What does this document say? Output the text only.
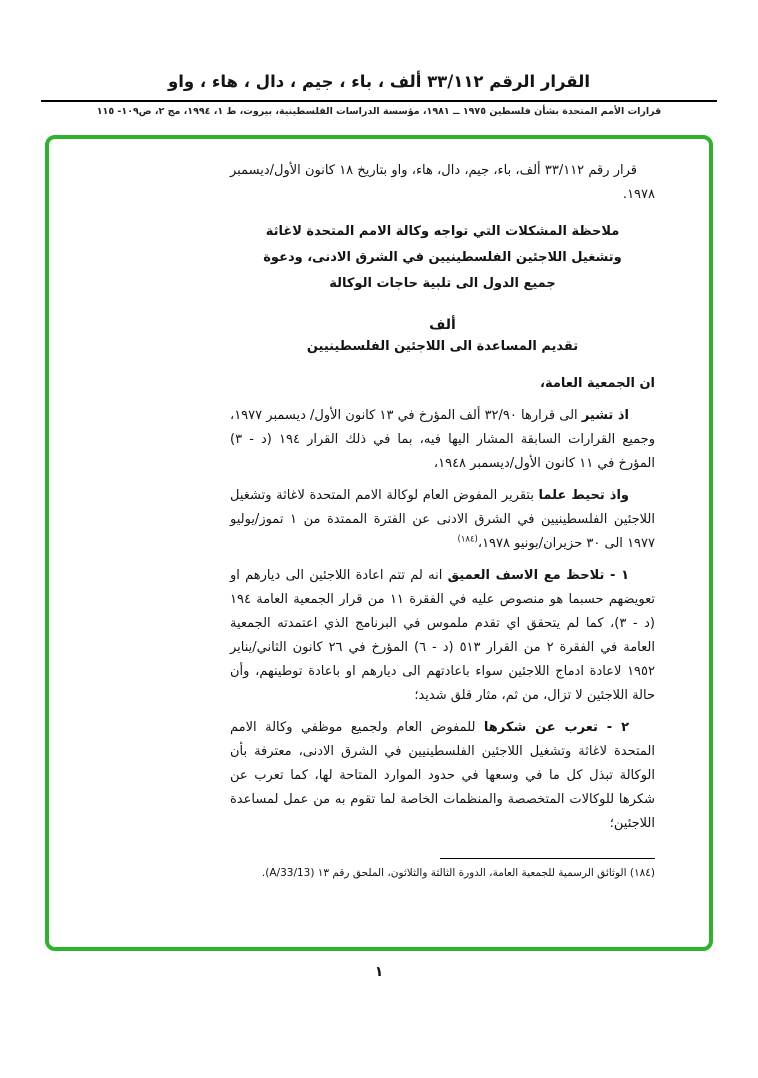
القرار الرقم ٣٣/١١٢ ألف ، باء ، جيم ، دال ، هاء ، واو
قرارات الأمم المتحدة بشأن فلسطين ١٩٧٥ ــ ١٩٨١، مؤسسة الدراسات الفلسطينية، بيروت، ط ١، ١٩٩٤، مج ٢، ص١٠٩- ١١٥

قرار رقم ٣٣/١١٢ ألف، باء، جيم، دال، هاء، واو بتاريخ ١٨ كانون الأول/ديسمبر ١٩٧٨.

ملاحظة المشكلات التي تواجه وكالة الامم المتحدة لاغاثة وتشغيل اللاجئين الفلسطينيين في الشرق الادنى، ودعوة جميع الدول الى تلبية حاجات الوكالة
ألف
تقديم المساعدة الى اللاجئين الفلسطينيين

ان الجمعية العامة،

اذ تشير الى قرارها ٣٢/٩٠ ألف المؤرخ في ١٣ كانون الأول/ ديسمبر ١٩٧٧، وجميع القرارات السابقة المشار اليها فيه، بما في ذلك القرار ١٩٤ (د - ٣) المؤرخ في ١١ كانون الأول/ديسمبر ١٩٤٨،

واذ تحيط علما بتقرير المفوض العام لوكالة الامم المتحدة لاغاثة وتشغيل اللاجئين الفلسطينيين في الشرق الادنى عن الفترة الممتدة من ١ تموز/يوليو ١٩٧٧ الى ٣٠ حزيران/يونيو ١٩٧٨،$^{(١٨٤)}$

١ - تلاحظ مع الاسف العميق انه لم تتم اعادة اللاجئين الى ديارهم او تعويضهم حسبما هو منصوص عليه في الفقرة ١١ من قرار الجمعية العامة ١٩٤ (د - ٣)، كما لم يتحقق اي تقدم ملموس في البرنامج الذي اعتمدته الجمعية العامة في الفقرة ٢ من القرار ٥١٣ (د - ٦) المؤرخ في ٢٦ كانون الثاني/يناير ١٩٥٢ لاعادة ادماج اللاجئين سواء باعادتهم الى ديارهم او باعادة توطينهم، وأن حالة اللاجئين لا تزال، من ثم، مثار قلق شديد؛

٢ - تعرب عن شكرها للمفوض العام ولجميع موظفي وكالة الامم المتحدة لاغاثة وتشغيل اللاجئين الفلسطينيين في الشرق الادنى، معترفة بأن الوكالة تبذل كل ما في وسعها في حدود الموارد المتاحة لها، كما تعرب عن شكرها للوكالات المتخصصة والمنظمات الخاصة لما تقوم به من عمل لمساعدة اللاجئين؛

(١٨٤) الوثائق الرسمية للجمعية العامة، الدورة الثالثة والثلاثون، الملحق رقم ١٣ (A/33/13).

١
